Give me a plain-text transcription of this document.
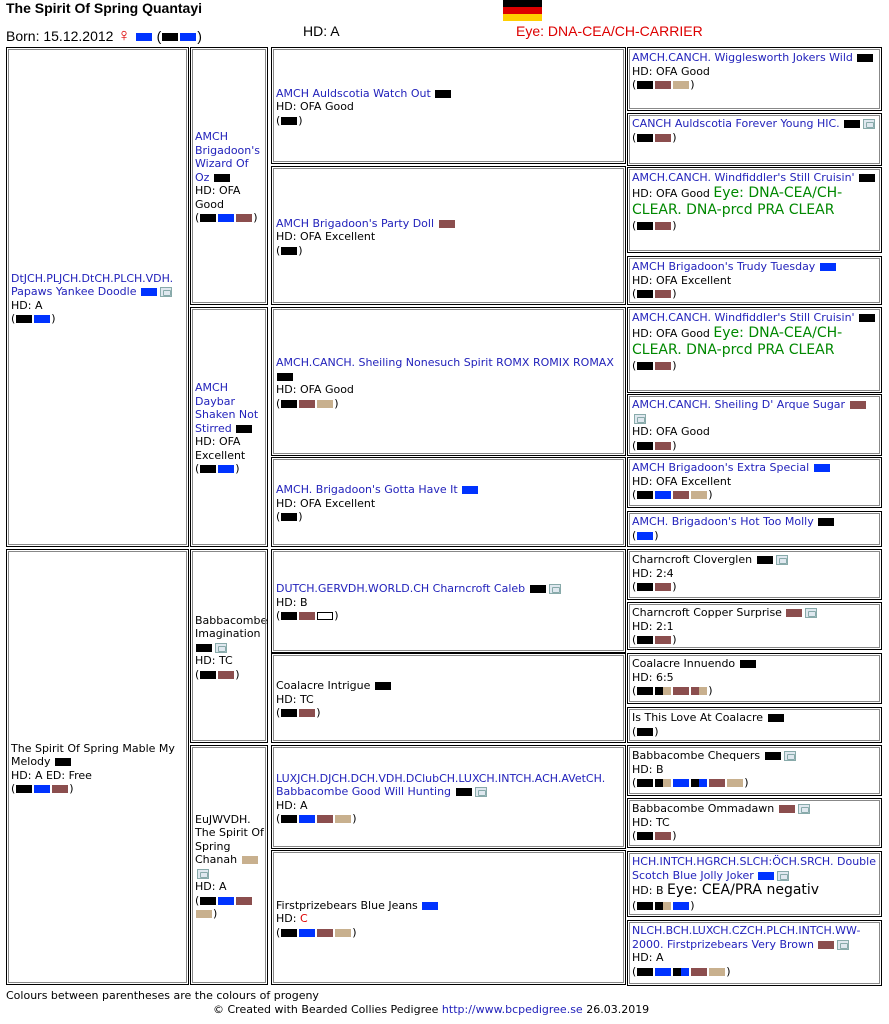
The Spirit Of Spring Quantayi
Born: 15.12.2012 ♀ (	)	HD: A	Eye: DNA-CEA/CH-CARRIER
DtJCH.PLJCH.DtCH.PLCH.VDH. Papaws Yankee Doodle
HD: A
(	)
AMCH Brigadoon's Wizard Of Oz
HD: OFA Good
(	)
AMCH Auldscotia Watch Out
HD: OFA Good
( )
AMCH.CANCH. Wigglesworth Jokers Wild
HD: OFA Good
(	)
CANCH Auldscotia Forever Young HIC.
(	)
AMCH Brigadoon's Party Doll
HD: OFA Excellent
( )
AMCH.CANCH. Windfiddler's Still Cruisin'
HD: OFA Good Eye: DNA-CEA/CH-CLEAR. DNA-prcd PRA CLEAR
(	)
AMCH Brigadoon's Trudy Tuesday
HD: OFA Excellent
(	)
AMCH Daybar Shaken Not Stirred
HD: OFA Excellent
(	)
AMCH.CANCH. Sheiling Nonesuch Spirit ROMX ROMIX ROMAX
HD: OFA Good
(	)
AMCH.CANCH. Windfiddler's Still Cruisin'
HD: OFA Good Eye: DNA-CEA/CH-CLEAR. DNA-prcd PRA CLEAR
(	)
AMCH.CANCH. Sheiling D' Arque Sugar
HD: OFA Good
(	)
AMCH. Brigadoon's Gotta Have It
HD: OFA Excellent
( )
AMCH Brigadoon's Extra Special
HD: OFA Excellent
(	)
AMCH. Brigadoon's Hot Too Molly
( )
The Spirit Of Spring Mable My Melody
HD: A ED: Free
(	)
Babbacombe Imagination
HD: TC
(	)
DUTCH.GERVDH.WORLD.CH Charncroft Caleb
HD: B
(	)
Charncroft Cloverglen
HD: 2:4
(	)
Charncroft Copper Surprise
HD: 2:1
(	)
Coalacre Intrigue
HD: TC
(	)
Coalacre Innuendo
HD: 6:5
(	)
Is This Love At Coalacre
( )
EuJWVDH. The Spirit Of Spring Chanah
HD: A
()
LUXJCH.DJCH.DCH.VDH.DClubCH.LUXCH.INTCH.ACH.AVetCH. Babbacombe Good Will Hunting
HD: A
(	)
Babbacombe Chequers
HD: B
(	)
Babbacombe Ommadawn
HD: TC
(	)
Firstprizebears Blue Jeans
HD: C
(	)
HCH.INTCH.HGRCH.SLCH:ÖCH.SRCH. Double Scotch Blue Jolly Joker
HD: B Eye: CEA/PRA negativ
(	)
NLCH.BCH.LUXCH.CZCH.PLCH.INTCH.WW-2000. Firstprizebears Very Brown
HD: A
(	)
Colours between parentheses are the colours of progeny
© Created with Bearded Collies Pedigree http://www.bcpedigree.se 26.03.2019
